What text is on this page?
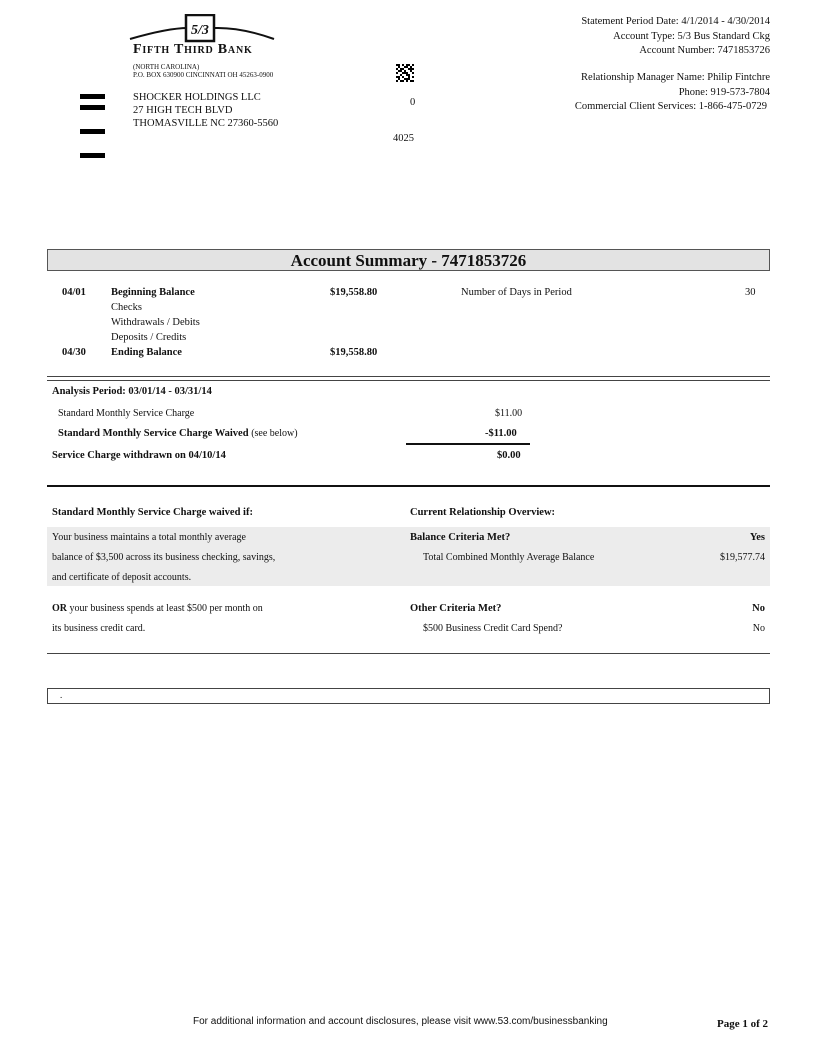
5/3
Fifth Third Bank
(NORTH CAROLINA)
P.O. BOX 630900 CINCINNATI OH 45263-0900
SHOCKER HOLDINGS LLC
27 HIGH TECH BLVD
THOMASVILLE NC 27360-5560
0
4025
Statement Period Date: 4/1/2014 - 4/30/2014
Account Type: 5/3 Bus Standard Ckg
Account Number: 7471853726
Relationship Manager Name: Philip Fintchre
Phone: 919-573-7804
Commercial Client Services: 1-866-475-0729
Account Summary - 7471853726
04/01 Beginning Balance	$19,558.80	Number of Days in Period	30
Checks
Withdrawals / Debits
Deposits / Credits
04/30 Ending Balance	$19,558.80
Analysis Period: 03/01/14 - 03/31/14
Standard Monthly Service Charge	$11.00
Standard Monthly Service Charge Waived (see below)	-$11.00
Service Charge withdrawn on 04/10/14	$0.00
Standard Monthly Service Charge waived if:	Current Relationship Overview:
Your business maintains a total monthly average
balance of $3,500 across its business checking, savings,
and certificate of deposit accounts.
Balance Criteria Met?	Yes
Total Combined Monthly Average Balance	$19,577.74
OR your business spends at least $500 per month on
its business credit card.
Other Criteria Met?	No
$500 Business Credit Card Spend?	No
.
For additional information and account disclosures, please visit www.53.com/businessbanking	Page 1 of 2
